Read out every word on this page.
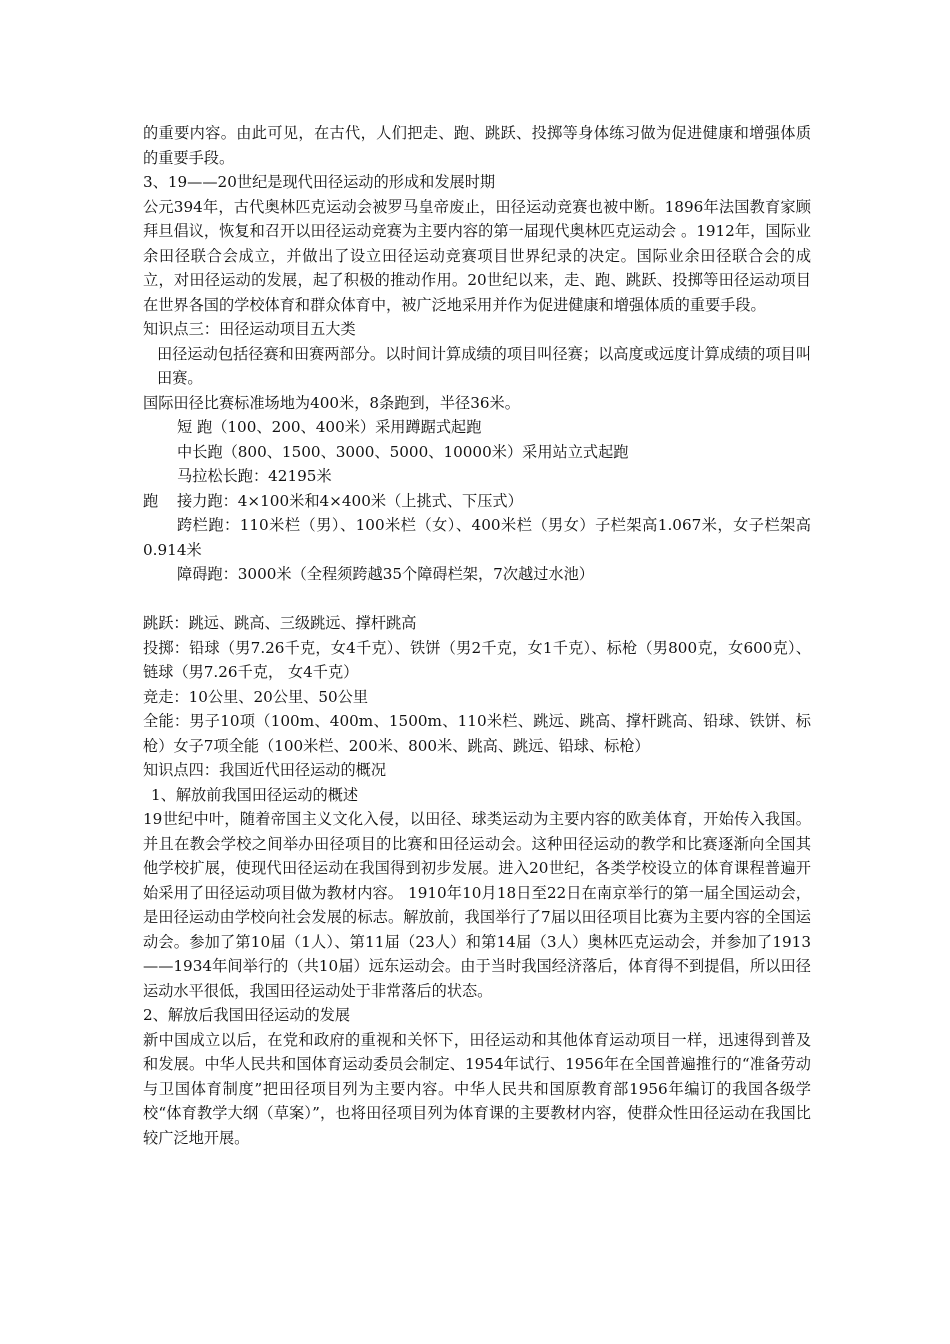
的重要内容。由此可见，在古代，人们把走、跑、跳跃、投掷等身体练习做为促进健康和增强体质的重要手段。

3、19——20世纪是现代田径运动的形成和发展时期

公元394年，古代奥林匹克运动会被罗马皇帝废止，田径运动竞赛也被中断。1896年法国教育家顾拜旦倡议，恢复和召开以田径运动竞赛为主要内容的第一届现代奥林匹克运动会 。1912年，国际业余田径联合会成立，并做出了设立田径运动竞赛项目世界纪录的决定。国际业余田径联合会的成立，对田径运动的发展，起了积极的推动作用。20世纪以来，走、跑、跳跃、投掷等田径运动项目在世界各国的学校体育和群众体育中，被广泛地采用并作为促进健康和增强体质的重要手段。

知识点三：田径运动项目五大类

田径运动包括径赛和田赛两部分。以时间计算成绩的项目叫径赛；以高度或远度计算成绩的项目叫田赛。

国际田径比赛标准场地为400米，8条跑到，半径36米。

短 跑（100、200、400米）采用蹲踞式起跑

中长跑（800、1500、3000、5000、10000米）采用站立式起跑

马拉松长跑：42195米

跑	接力跑：4×100米和4×400米（上挑式、下压式）

跨栏跑：110米栏（男）、100米栏（女）、400米栏（男女）子栏架高1.067米，女子栏架高0.914米

障碍跑：3000米（全程须跨越35个障碍栏架，7次越过水池）

跳跃：跳远、跳高、三级跳远、撑杆跳高

投掷：铅球（男7.26千克，女4千克）、铁饼（男2千克，女1千克）、标枪（男800克，女600克）、链球（男7.26千克， 女4千克）

竞走：10公里、20公里、50公里

全能：男子10项（100m、400m、1500m、110米栏、跳远、跳高、撑杆跳高、铅球、铁饼、标枪）女子7项全能（100米栏、200米、800米、跳高、跳远、铅球、标枪）

知识点四：我国近代田径运动的概况

1、解放前我国田径运动的概述

19世纪中叶，随着帝国主义文化入侵，以田径、球类运动为主要内容的欧美体育，开始传入我国。并且在教会学校之间举办田径项目的比赛和田径运动会。这种田径运动的教学和比赛逐渐向全国其他学校扩展，使现代田径运动在我国得到初步发展。进入20世纪，各类学校设立的体育课程普遍开始采用了田径运动项目做为教材内容。 1910年10月18日至22日在南京举行的第一届全国运动会，是田径运动由学校向社会发展的标志。解放前，我国举行了7届以田径项目比赛为主要内容的全国运动会。参加了第10届（1人）、第11届（23人）和第14届（3人）奥林匹克运动会，并参加了1913——1934年间举行的（共10届）远东运动会。由于当时我国经济落后，体育得不到提倡，所以田径运动水平很低，我国田径运动处于非常落后的状态。

2、解放后我国田径运动的发展

新中国成立以后，在党和政府的重视和关怀下，田径运动和其他体育运动项目一样，迅速得到普及和发展。中华人民共和国体育运动委员会制定、1954年试行、1956年在全国普遍推行的“准备劳动与卫国体育制度”把田径项目列为主要内容。中华人民共和国原教育部1956年编订的我国各级学校“体育教学大纲（草案）”，也将田径项目列为体育课的主要教材内容，使群众性田径运动在我国比较广泛地开展。
